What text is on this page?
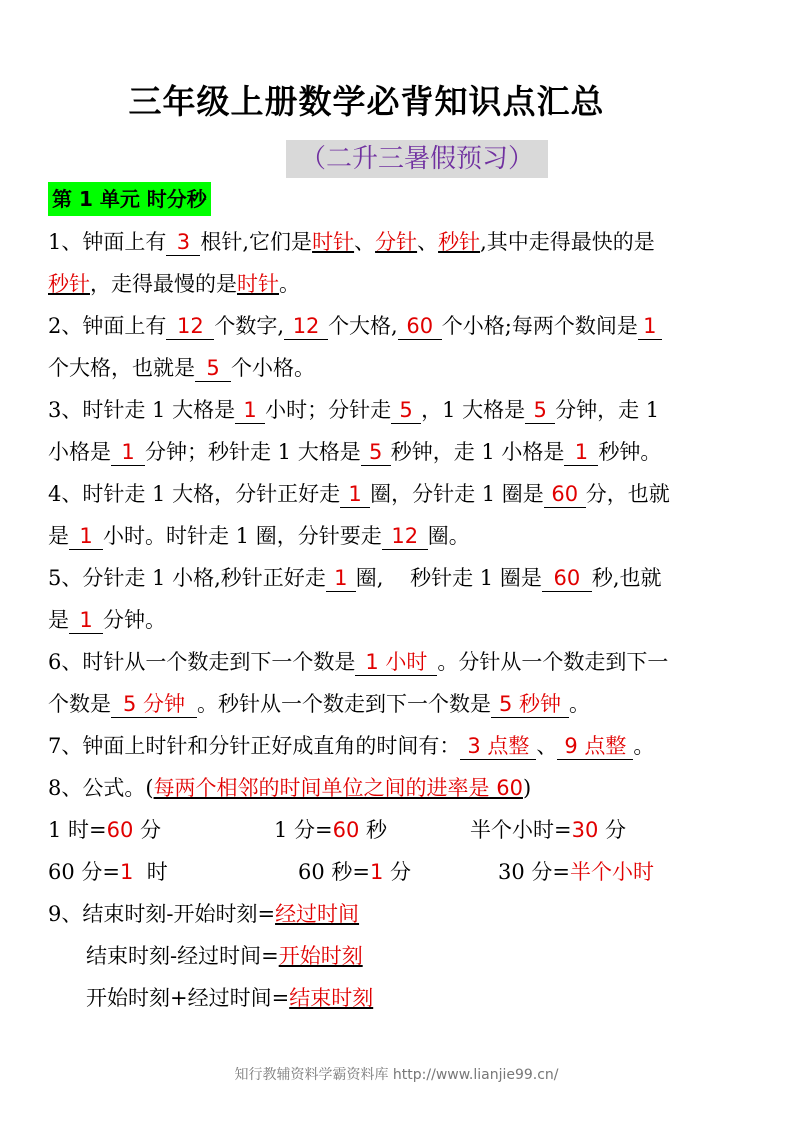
三年级上册数学必背知识点汇总
（二升三暑假预习）
第 1 单元 时分秒
1、钟面上有 3 根针,它们是时针、分针、秒针,其中走得最快的是
秒针，走得最慢的是时针。
2、钟面上有 12 个数字, 12 个大格, 60 个小格;每两个数间是 1
个大格，也就是 5 个小格。
3、时针走 1 大格是 1 小时；分针走 5 ，1 大格是 5 分钟，走 1
小格是 1 分钟；秒针走 1 大格是 5 秒钟，走 1 小格是 1 秒钟。
4、时针走 1 大格，分针正好走 1 圈，分针走 1 圈是 60 分，也就
是 1 小时。时针走 1 圈，分针要走 12 圈。
5、分针走 1 小格,秒针正好走 1 圈,    秒针走 1 圈是 60 秒,也就
是 1 分钟。
6、时针从一个数走到下一个数是 1 小时 。分针从一个数走到下一
个数是 5 分钟 。秒针从一个数走到下一个数是 5 秒钟 。
7、钟面上时针和分针正好成直角的时间有： 3 点整 、 9 点整 。
8、公式。(每两个相邻的时间单位之间的进率是 60)
1 时=60 分	1 分=60 秒	半个小时=30 分
60 分=1  时	60 秒=1 分	30 分=半个小时
9、结束时刻-开始时刻=经过时间
结束时刻-经过时间=开始时刻
开始时刻+经过时间=结束时刻
知行教辅资料学霸资料库 http://www.lianjie99.cn/
